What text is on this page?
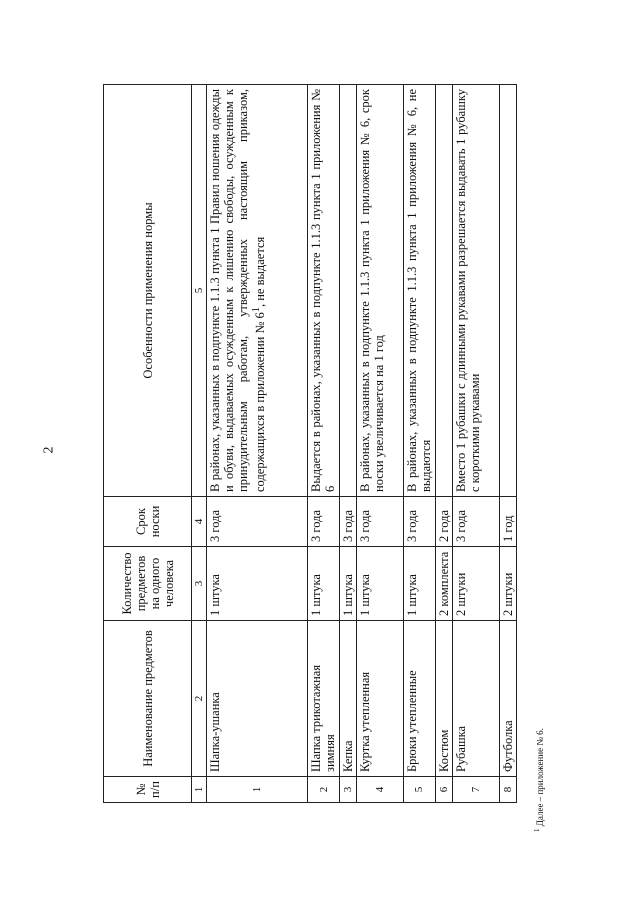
2
№ п/п	Наименование предметов	Количество предметов на одного человека	Срок носки	Особенности применения нормы
1	2	3	4	5
1	Шапка-ушанка	1 штука	3 года	В районах, указанных в подпункте 1.1.3 пункта 1 Правил ношения одежды и обуви, выдаваемых осужденным к лишению свободы, осужденным к принудительным работам, утвержденных настоящим приказом, содержащихся в приложении № $6^1$, не выдается
2	Шапка трикотажная зимняя	1 штука	3 года	Выдается в районах, указанных в подпункте 1.1.3 пункта 1 приложения № 6
3	Кепка	1 штука	3 года	
4	Куртка утепленная	1 штука	3 года	В районах, указанных в подпункте 1.1.3 пункта 1 приложения № 6, срок носки увеличивается на 1 год
5	Брюки утепленные	1 штука	3 года	В районах, указанных в подпункте 1.1.3 пункта 1 приложения № 6, не выдаются
6	Костюм	2 комплекта	2 года	
7	Рубашка	2 штуки	3 года	Вместо 1 рубашки с длинными рукавами разрешается выдавать 1 рубашку с короткими рукавами
8	Футболка	2 штуки	1 год	
$^1$ Далее – приложение № 6.
